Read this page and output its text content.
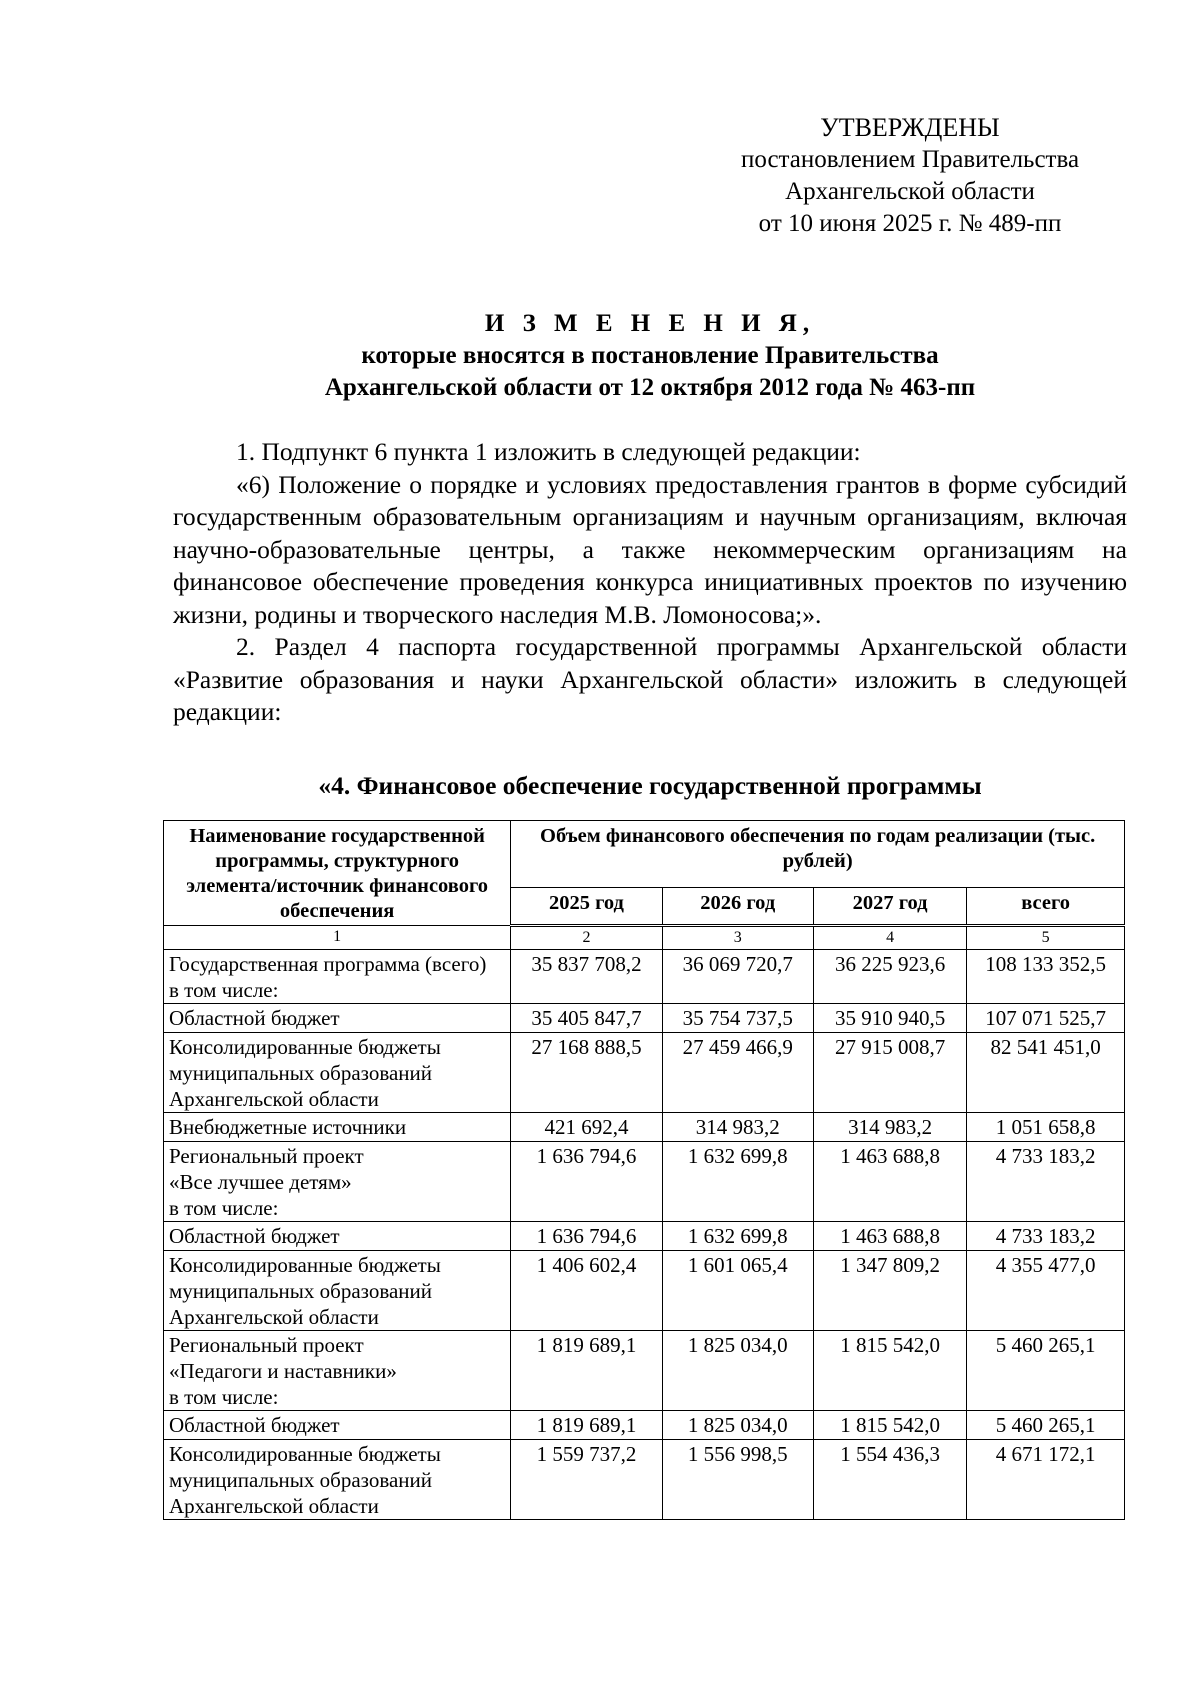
УТВЕРЖДЕНЫ
постановлением Правительства
Архангельской области
от 10 июня 2025 г. № 489-пп
И З М Е Н Е Н И Я,
которые вносятся в постановление Правительства
Архангельской области от 12 октября 2012 года № 463-пп

1. Подпункт 6 пункта 1 изложить в следующей редакции:

«6) Положение о порядке и условиях предоставления грантов в форме субсидий государственным образовательным организациям и научным организациям, включая научно-образовательные центры, а также некоммерческим организациям на финансовое обеспечение проведения конкурса инициативных проектов по изучению жизни, родины и творческого наследия М.В. Ломоносова;».

2. Раздел 4 паспорта государственной программы Архангельской области «Развитие образования и науки Архангельской области» изложить в следующей редакции:

«4. Финансовое обеспечение государственной программы
Наименование государственной программы, структурного элемента/источник финансового обеспечения	Объем финансового обеспечения по годам реализации (тыс. рублей)			
	2025 год	2026 год	2027 год	всего
1	2	3	4	5
Государственная программа (всего)
в том числе:	35 837 708,2	36 069 720,7	36 225 923,6	108 133 352,5
Областной бюджет	35 405 847,7	35 754 737,5	35 910 940,5	107 071 525,7
Консолидированные бюджеты муниципальных образований Архангельской области	27 168 888,5	27 459 466,9	27 915 008,7	82 541 451,0
Внебюджетные источники	421 692,4	314 983,2	314 983,2	1 051 658,8
Региональный проект
«Все лучшее детям»
в том числе:	1 636 794,6	1 632 699,8	1 463 688,8	4 733 183,2
Областной бюджет	1 636 794,6	1 632 699,8	1 463 688,8	4 733 183,2
Консолидированные бюджеты муниципальных образований Архангельской области	1 406 602,4	1 601 065,4	1 347 809,2	4 355 477,0
Региональный проект
«Педагоги и наставники»
в том числе:	1 819 689,1	1 825 034,0	1 815 542,0	5 460 265,1
Областной бюджет	1 819 689,1	1 825 034,0	1 815 542,0	5 460 265,1
Консолидированные бюджеты муниципальных образований Архангельской области	1 559 737,2	1 556 998,5	1 554 436,3	4 671 172,1
